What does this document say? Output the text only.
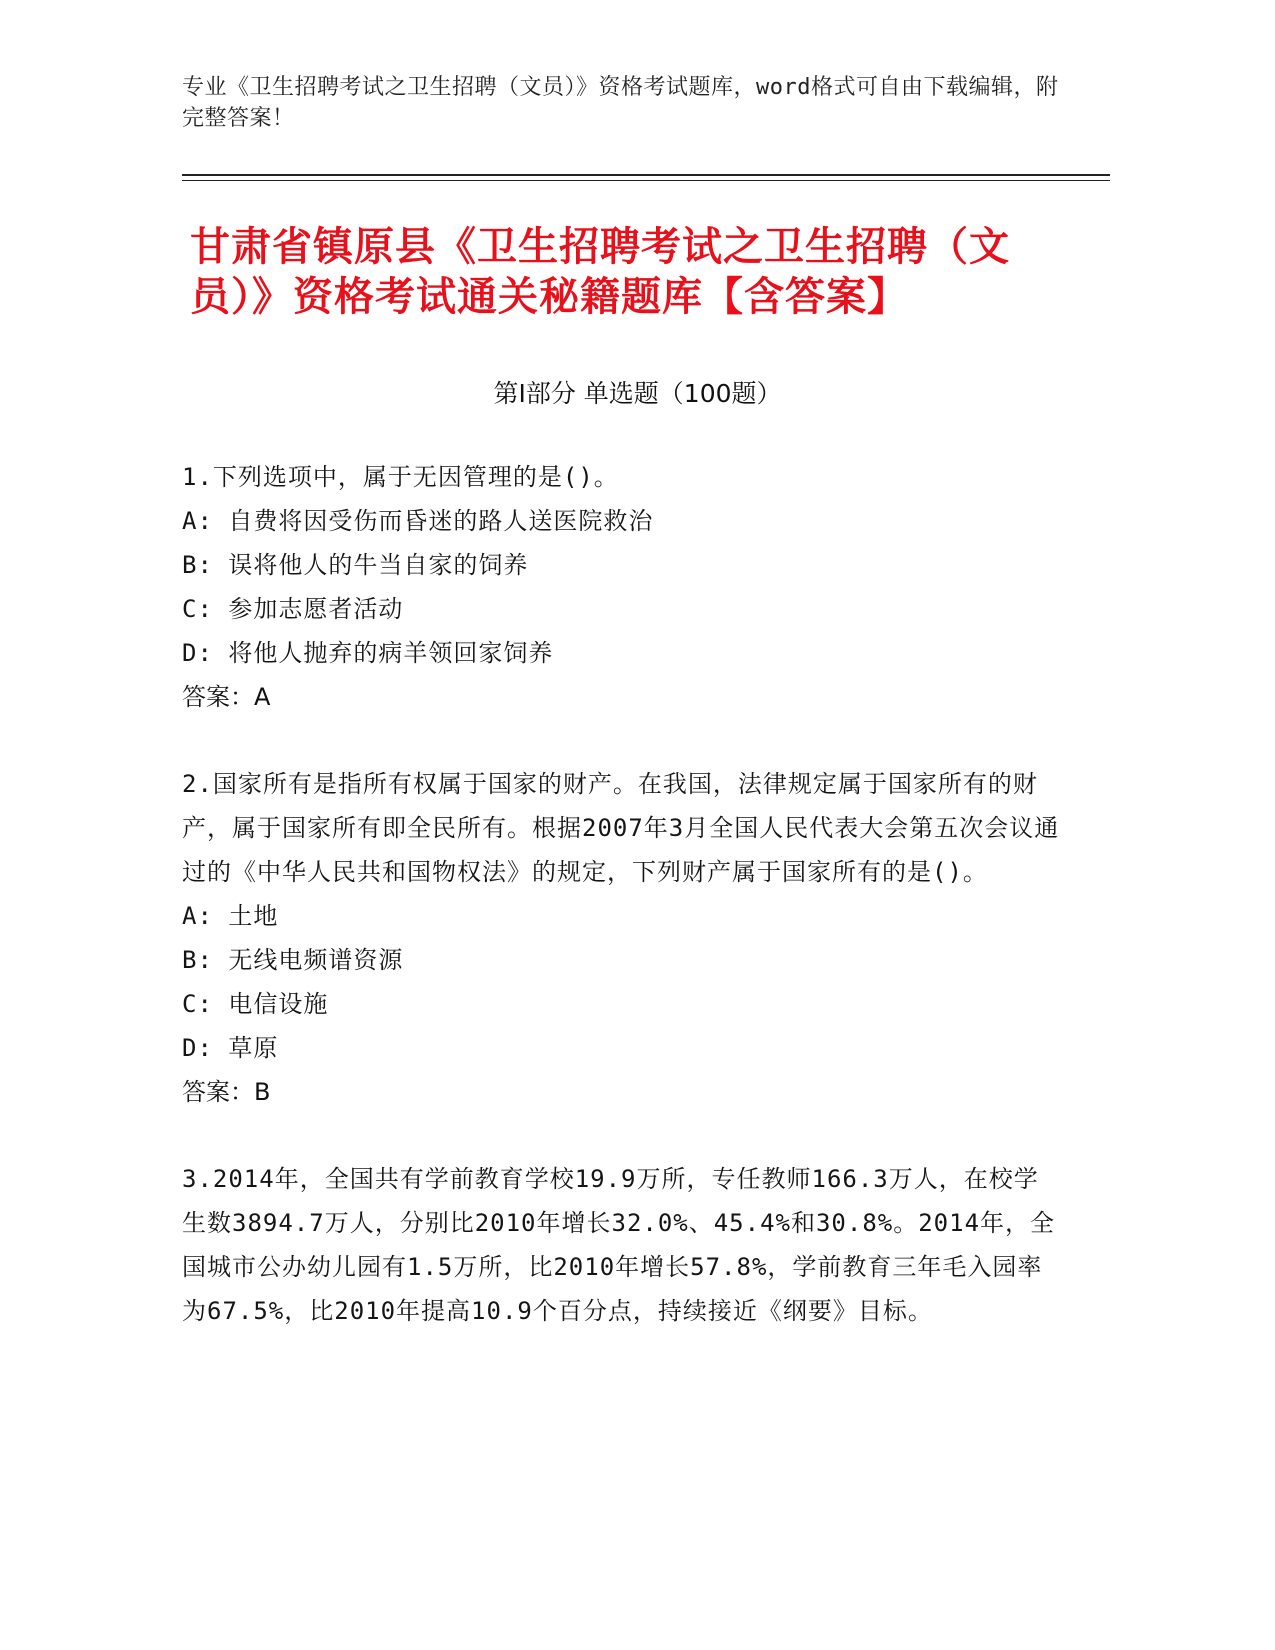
专业《卫生招聘考试之卫生招聘（文员）》资格考试题库，word格式可自由下载编辑，附完整答案！
甘肃省镇原县《卫生招聘考试之卫生招聘（文员）》资格考试通关秘籍题库【含答案】
第Ⅰ部分 单选题（100题）

1.下列选项中，属于无因管理的是()。

A: 自费将因受伤而昏迷的路人送医院救治

B: 误将他人的牛当自家的饲养

C: 参加志愿者活动

D: 将他人抛弃的病羊领回家饲养

答案：A

2.国家所有是指所有权属于国家的财产。在我国，法律规定属于国家所有的财产，属于国家所有即全民所有。根据2007年3月全国人民代表大会第五次会议通过的《中华人民共和国物权法》的规定，下列财产属于国家所有的是()。

A: 土地

B: 无线电频谱资源

C: 电信设施

D: 草原

答案：B

3.2014年，全国共有学前教育学校19.9万所，专任教师166.3万人，在校学生数3894.7万人，分别比2010年增长32.0%、45.4%和30.8%。2014年，全国城市公办幼儿园有1.5万所，比2010年增长57.8%，学前教育三年毛入园率为67.5%，比2010年提高10.9个百分点，持续接近《纲要》目标。
